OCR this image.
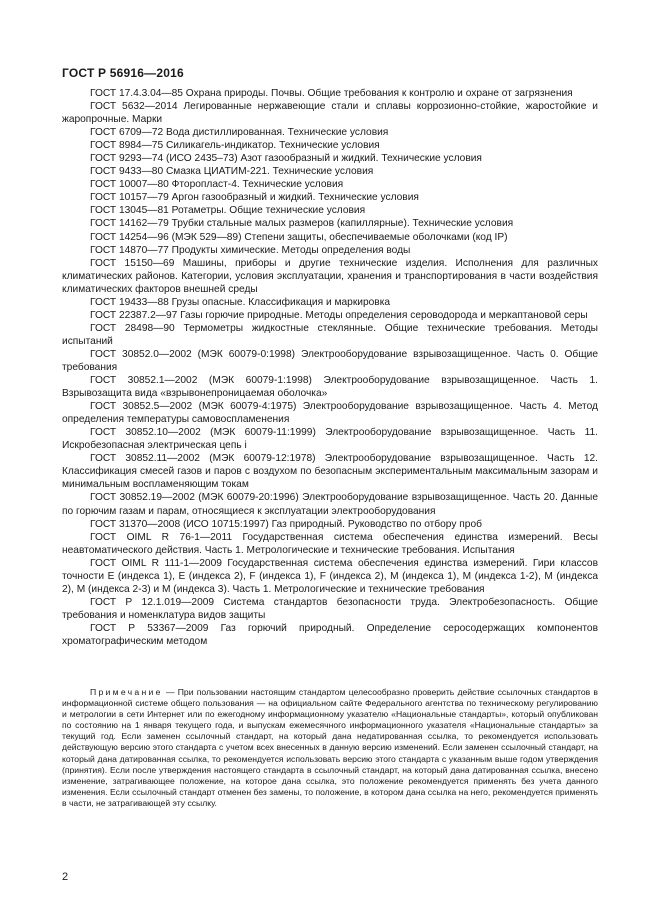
ГОСТ Р 56916—2016

ГОСТ 17.4.3.04—85 Охрана природы. Почвы. Общие требования к контролю и охране от загрязнения

ГОСТ 5632—2014 Легированные нержавеющие стали и сплавы коррозионно-стойкие, жаростойкие и жаропрочные. Марки

ГОСТ 6709—72 Вода дистиллированная. Технические условия

ГОСТ 8984—75 Силикагель-индикатор. Технические условия

ГОСТ 9293—74 (ИСО 2435–73) Азот газообразный и жидкий. Технические условия

ГОСТ 9433—80 Смазка ЦИАТИМ-221. Технические условия

ГОСТ 10007—80 Фторопласт-4. Технические условия

ГОСТ 10157—79 Аргон газообразный и жидкий. Технические условия

ГОСТ 13045—81 Ротаметры. Общие технические условия

ГОСТ 14162—79 Трубки стальные малых размеров (капиллярные). Технические условия

ГОСТ 14254—96 (МЭК 529—89) Степени защиты, обеспечиваемые оболочками (код IP)

ГОСТ 14870—77 Продукты химические. Методы определения воды

ГОСТ 15150—69 Машины, приборы и другие технические изделия. Исполнения для различных климатических районов. Категории, условия эксплуатации, хранения и транспортирования в части воздействия климатических факторов внешней среды

ГОСТ 19433—88 Грузы опасные. Классификация и маркировка

ГОСТ 22387.2—97 Газы горючие природные. Методы определения сероводорода и меркаптановой серы

ГОСТ 28498—90 Термометры жидкостные стеклянные. Общие технические требования. Методы испытаний

ГОСТ 30852.0—2002 (МЭК 60079-0:1998) Электрооборудование взрывозащищенное. Часть 0. Общие требования

ГОСТ 30852.1—2002 (МЭК 60079-1:1998) Электрооборудование взрывозащищенное. Часть 1. Взрывозащита вида «взрывонепроницаемая оболочка»

ГОСТ 30852.5—2002 (МЭК 60079-4:1975) Электрооборудование взрывозащищенное. Часть 4. Метод определения температуры самовоспламенения

ГОСТ 30852.10—2002 (МЭК 60079-11:1999) Электрооборудование взрывозащищенное. Часть 11. Искробезопасная электрическая цепь i

ГОСТ 30852.11—2002 (МЭК 60079-12:1978) Электрооборудование взрывозащищенное. Часть 12. Классификация смесей газов и паров с воздухом по безопасным экспериментальным максимальным зазорам и минимальным воспламеняющим токам

ГОСТ 30852.19—2002 (МЭК 60079-20:1996) Электрооборудование взрывозащищенное. Часть 20. Данные по горючим газам и парам, относящиеся к эксплуатации электрооборудования

ГОСТ 31370—2008 (ИСО 10715:1997) Газ природный. Руководство по отбору проб

ГОСТ OIML R 76-1—2011 Государственная система обеспечения единства измерений. Весы неавтоматического действия. Часть 1. Метрологические и технические требования. Испытания

ГОСТ OIML R 111-1—2009 Государственная система обеспечения единства измерений. Гири классов точности E (индекса 1), E (индекса 2), F (индекса 1), F (индекса 2), M (индекса 1), M (индекса 1-2), M (индекса 2), M (индекса 2-3) и M (индекса 3). Часть 1. Метрологические и технические требования

ГОСТ Р 12.1.019—2009 Система стандартов безопасности труда. Электробезопасность. Общие требования и номенклатура видов защиты

ГОСТ Р 53367—2009 Газ горючий природный. Определение серосодержащих компонентов хроматографическим методом

Примечание — При пользовании настоящим стандартом целесообразно проверить действие ссылочных стандартов в информационной системе общего пользования — на официальном сайте Федерального агентства по техническому регулированию и метрологии в сети Интернет или по ежегодному информационному указателю «Национальные стандарты», который опубликован по состоянию на 1 января текущего года, и выпускам ежемесячного информационного указателя «Национальные стандарты» за текущий год. Если заменен ссылочный стандарт, на который дана недатированная ссылка, то рекомендуется использовать действующую версию этого стандарта с учетом всех внесенных в данную версию изменений. Если заменен ссылочный стандарт, на который дана датированная ссылка, то рекомендуется использовать версию этого стандарта с указанным выше годом утверждения (принятия). Если после утверждения настоящего стандарта в ссылочный стандарт, на который дана датированная ссылка, внесено изменение, затрагивающее положение, на которое дана ссылка, это положение рекомендуется применять без учета данного изменения. Если ссылочный стандарт отменен без замены, то положение, в котором дана ссылка на него, рекомендуется применять в части, не затрагивающей эту ссылку.

2
